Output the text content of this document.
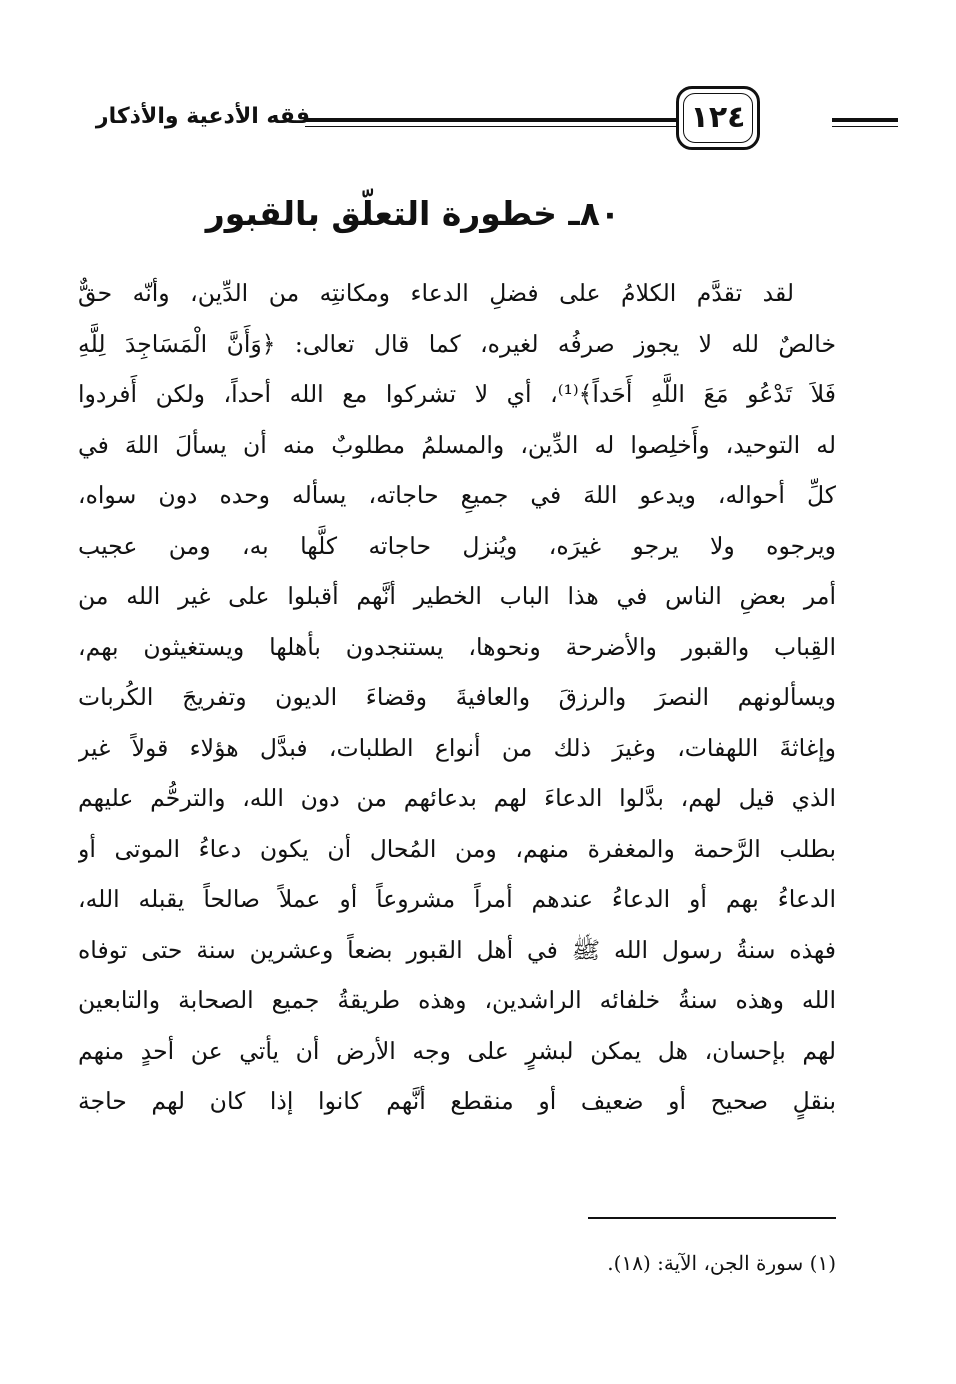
فقه الأدعية والأذكار	١٢٤
٨٠ـ خطورة التعلّق بالقبور
لقد تقدَّم الكلامُ على فضلِ الدعاء ومكانتِه من الدِّين، وأنّه حقٌّ
خالصٌ لله لا يجوز صرفُه لغيره، كما قال تعالى: ﴿وَأَنَّ الْمَسَاجِدَ لِلَّهِ
فَلاَ تَدْعُو مَعَ اللَّهِ أَحَداً﴾⁽¹⁾، أي لا تشركوا مع الله أحداً، ولكن أَفردوا
له التوحيد، وأَخلِصوا له الدِّين، والمسلمُ مطلوبٌ منه أن يسألَ اللهَ في
كلِّ أحواله، ويدعو اللهَ في جميعِ حاجاته، يسأله وحده دون سواه،
ويرجوه ولا يرجو غيرَه، ويُنزل حاجاته كلَّها به، ومن عجيب
أمر بعضِ الناس في هذا الباب الخطير أنَّهم أقبلوا على غير الله من
القِباب والقبور والأضرحة ونحوها، يستنجدون بأهلها ويستغيثون بهم،
ويسألونهم النصرَ والرزقَ والعافيةَ وقضاءَ الديون وتفريجَ الكُربات
وإغاثةَ اللهفات، وغيرَ ذلك من أنواع الطلبات، فبدَّل هؤلاء قولاً غير
الذي قيل لهم، بدَّلوا الدعاءَ لهم بدعائهم من دون الله، والترحُّم عليهم
بطلب الرَّحمة والمغفرة منهم، ومن المُحال أن يكون دعاءُ الموتى أو
الدعاءُ بهم أو الدعاءُ عندهم أمراً مشروعاً أو عملاً صالحاً يقبله الله،
فهذه سنةُ رسول الله ﷺ في أهل القبور بضعاً وعشرين سنة حتى توفاه
الله وهذه سنةُ خلفائه الراشدين، وهذه طريقةُ جميع الصحابة والتابعين
لهم بإحسان، هل يمكن لبشرٍ على وجه الأرض أن يأتي عن أحدٍ منهم
بنقلٍ صحيح أو ضعيف أو منقطع أنَّهم كانوا إذا كان لهم حاجة
(١) سورة الجن، الآية: (١٨).
